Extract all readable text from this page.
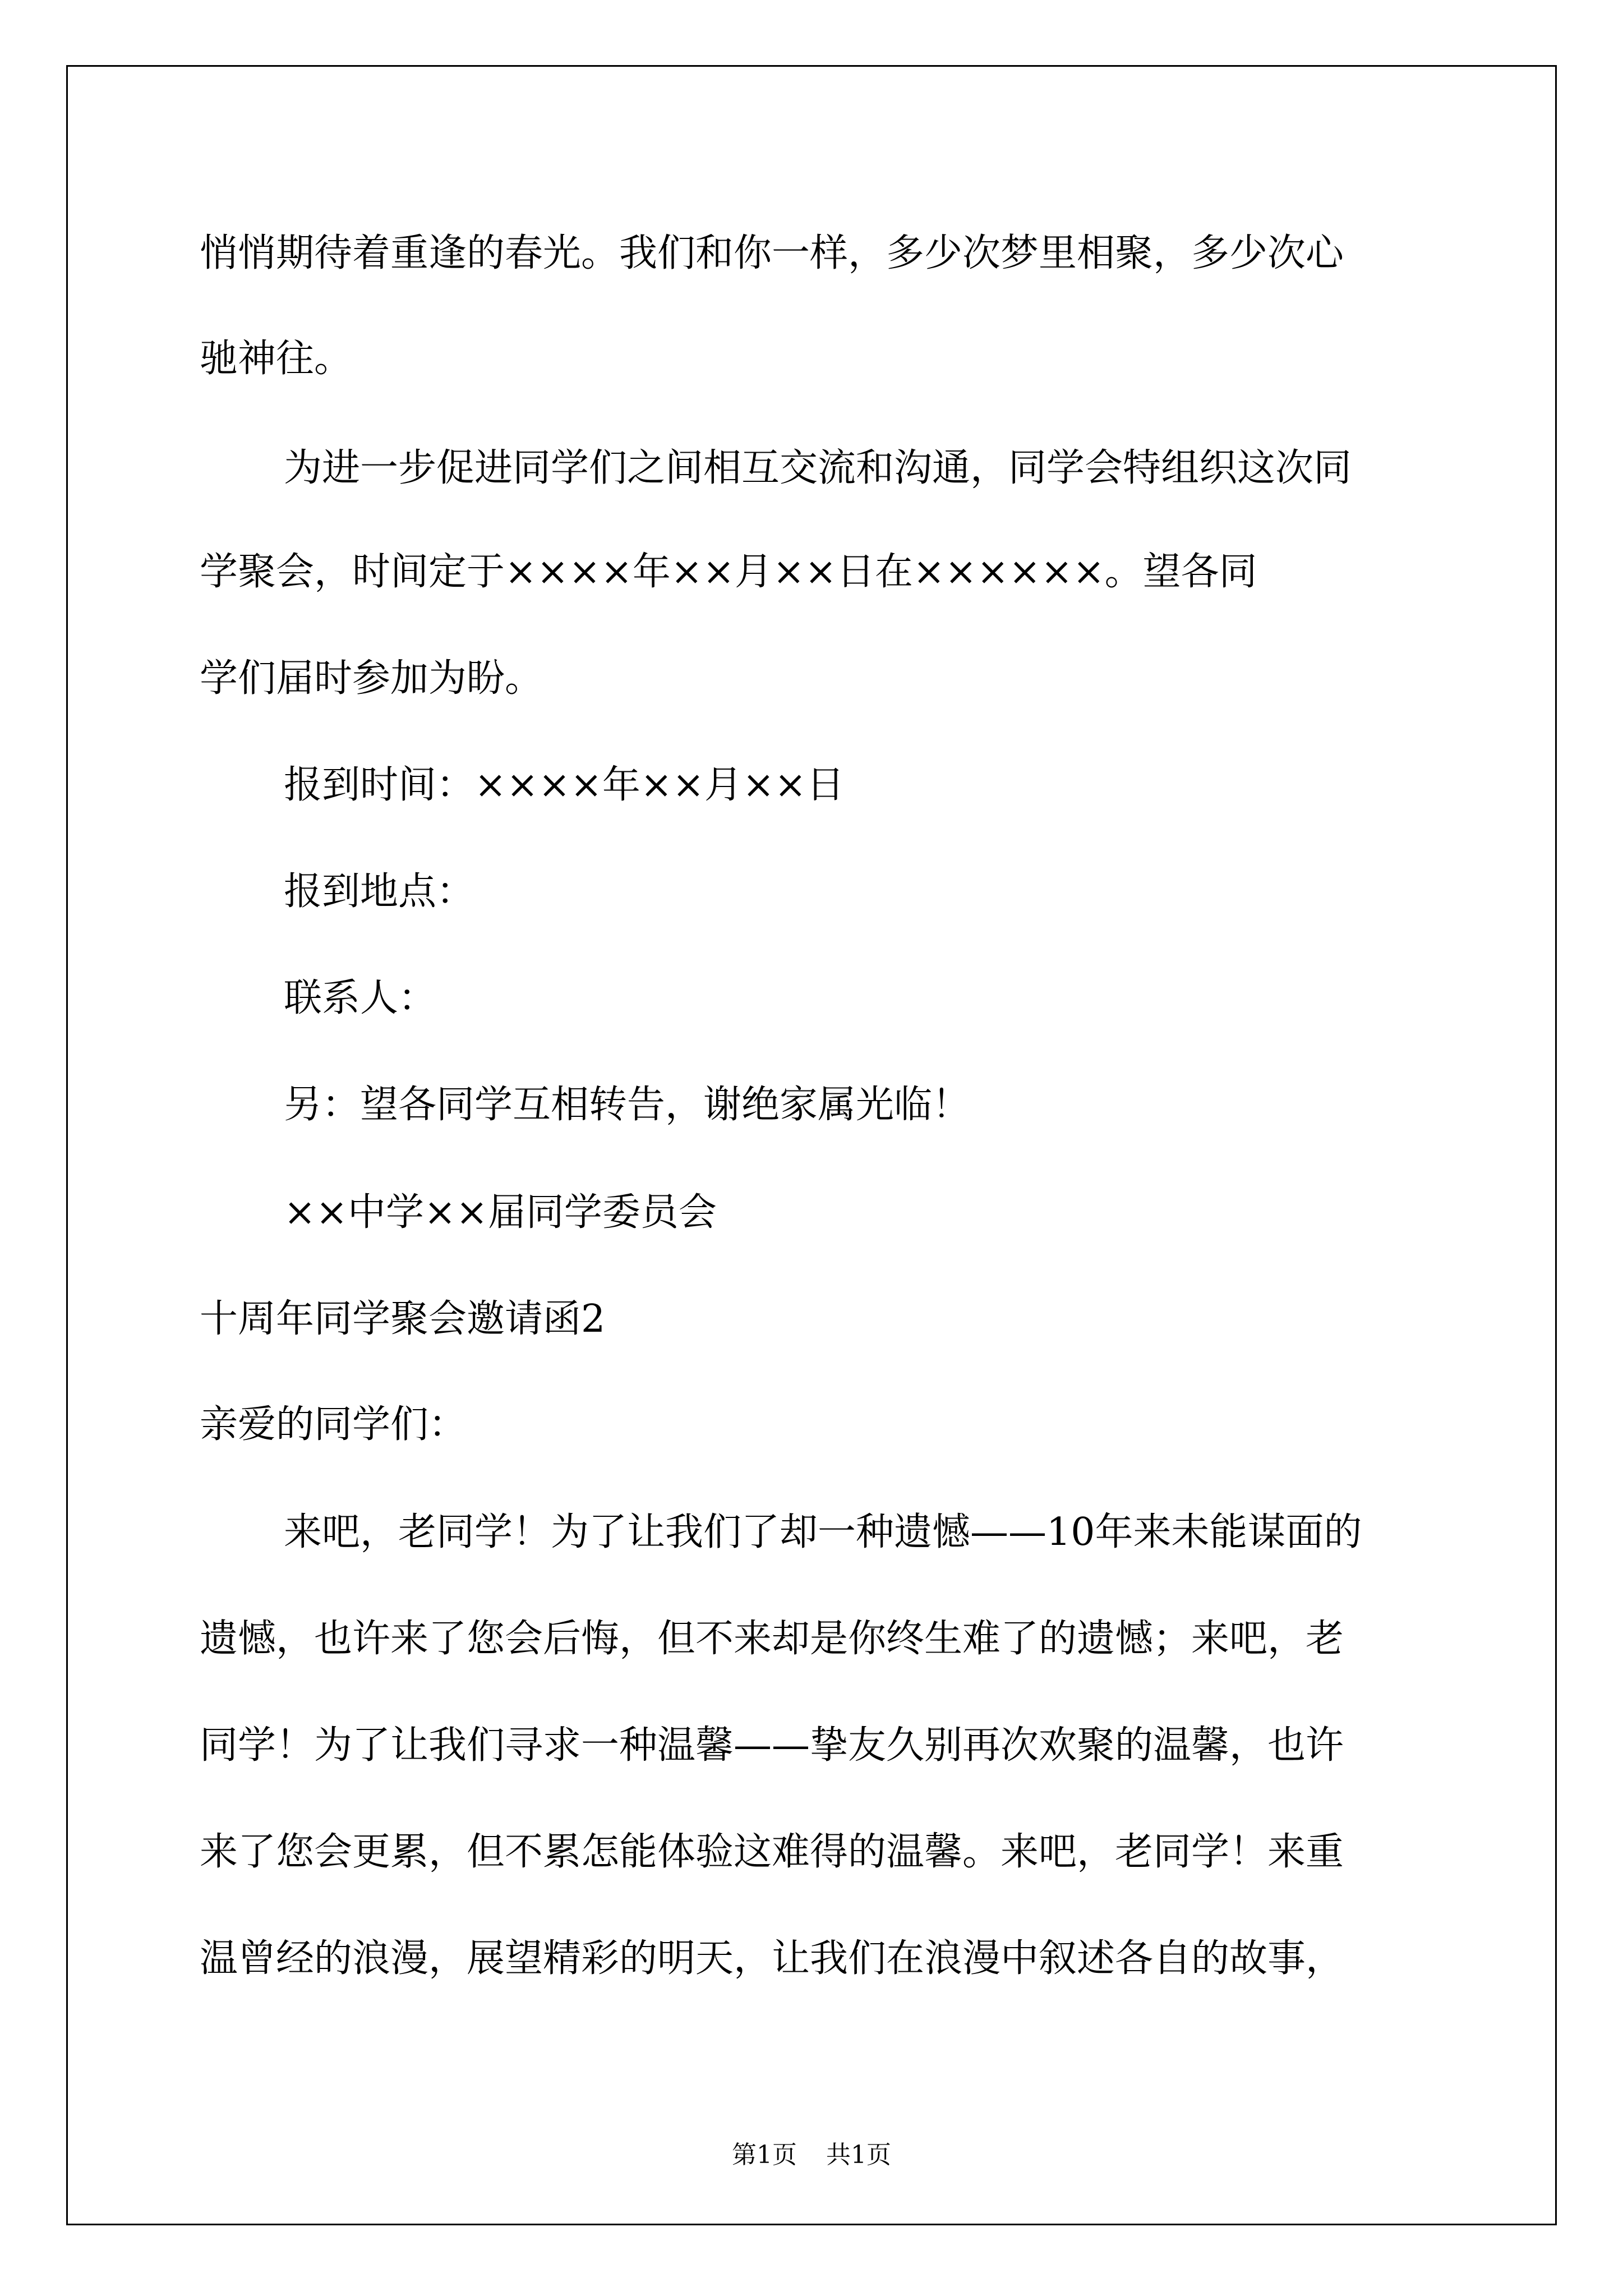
悄悄期待着重逢的春光。我们和你一样，多少次梦里相聚，多少次心

驰神往。

为进一步促进同学们之间相互交流和沟通，同学会特组织这次同

学聚会，时间定于××××年××月××日在××××××。望各同

学们届时参加为盼。

报到时间：××××年××月××日

报到地点：

联系人：

另：望各同学互相转告，谢绝家属光临！

××中学××届同学委员会

十周年同学聚会邀请函2

亲爱的同学们：

来吧，老同学！为了让我们了却一种遗憾——10年来未能谋面的

遗憾，也许来了您会后悔，但不来却是你终生难了的遗憾；来吧，老

同学！为了让我们寻求一种温馨——挚友久别再次欢聚的温馨，也许

来了您会更累，但不累怎能体验这难得的温馨。来吧，老同学！来重

温曾经的浪漫，展望精彩的明天，让我们在浪漫中叙述各自的故事，

第1页 共1页
